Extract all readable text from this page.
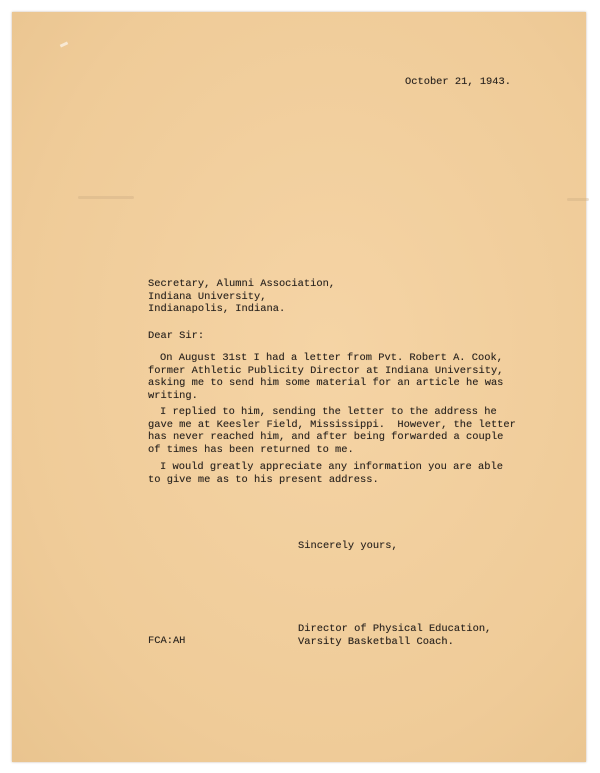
October 21, 1943.

Secretary, Alumni Association,
Indiana University,
Indianapolis, Indiana.

Dear Sir:

On August 31st I had a letter from Pvt. Robert A. Cook,
former Athletic Publicity Director at Indiana University,
asking me to send him some material for an article he was
writing.
I replied to him, sending the letter to the address he
gave me at Keesler Field, Mississippi.  However, the letter
has never reached him, and after being forwarded a couple
of times has been returned to me.
I would greatly appreciate any information you are able
to give me as to his present address.

Sincerely yours,

Director of Physical Education,
Varsity Basketball Coach.

FCA:AH
